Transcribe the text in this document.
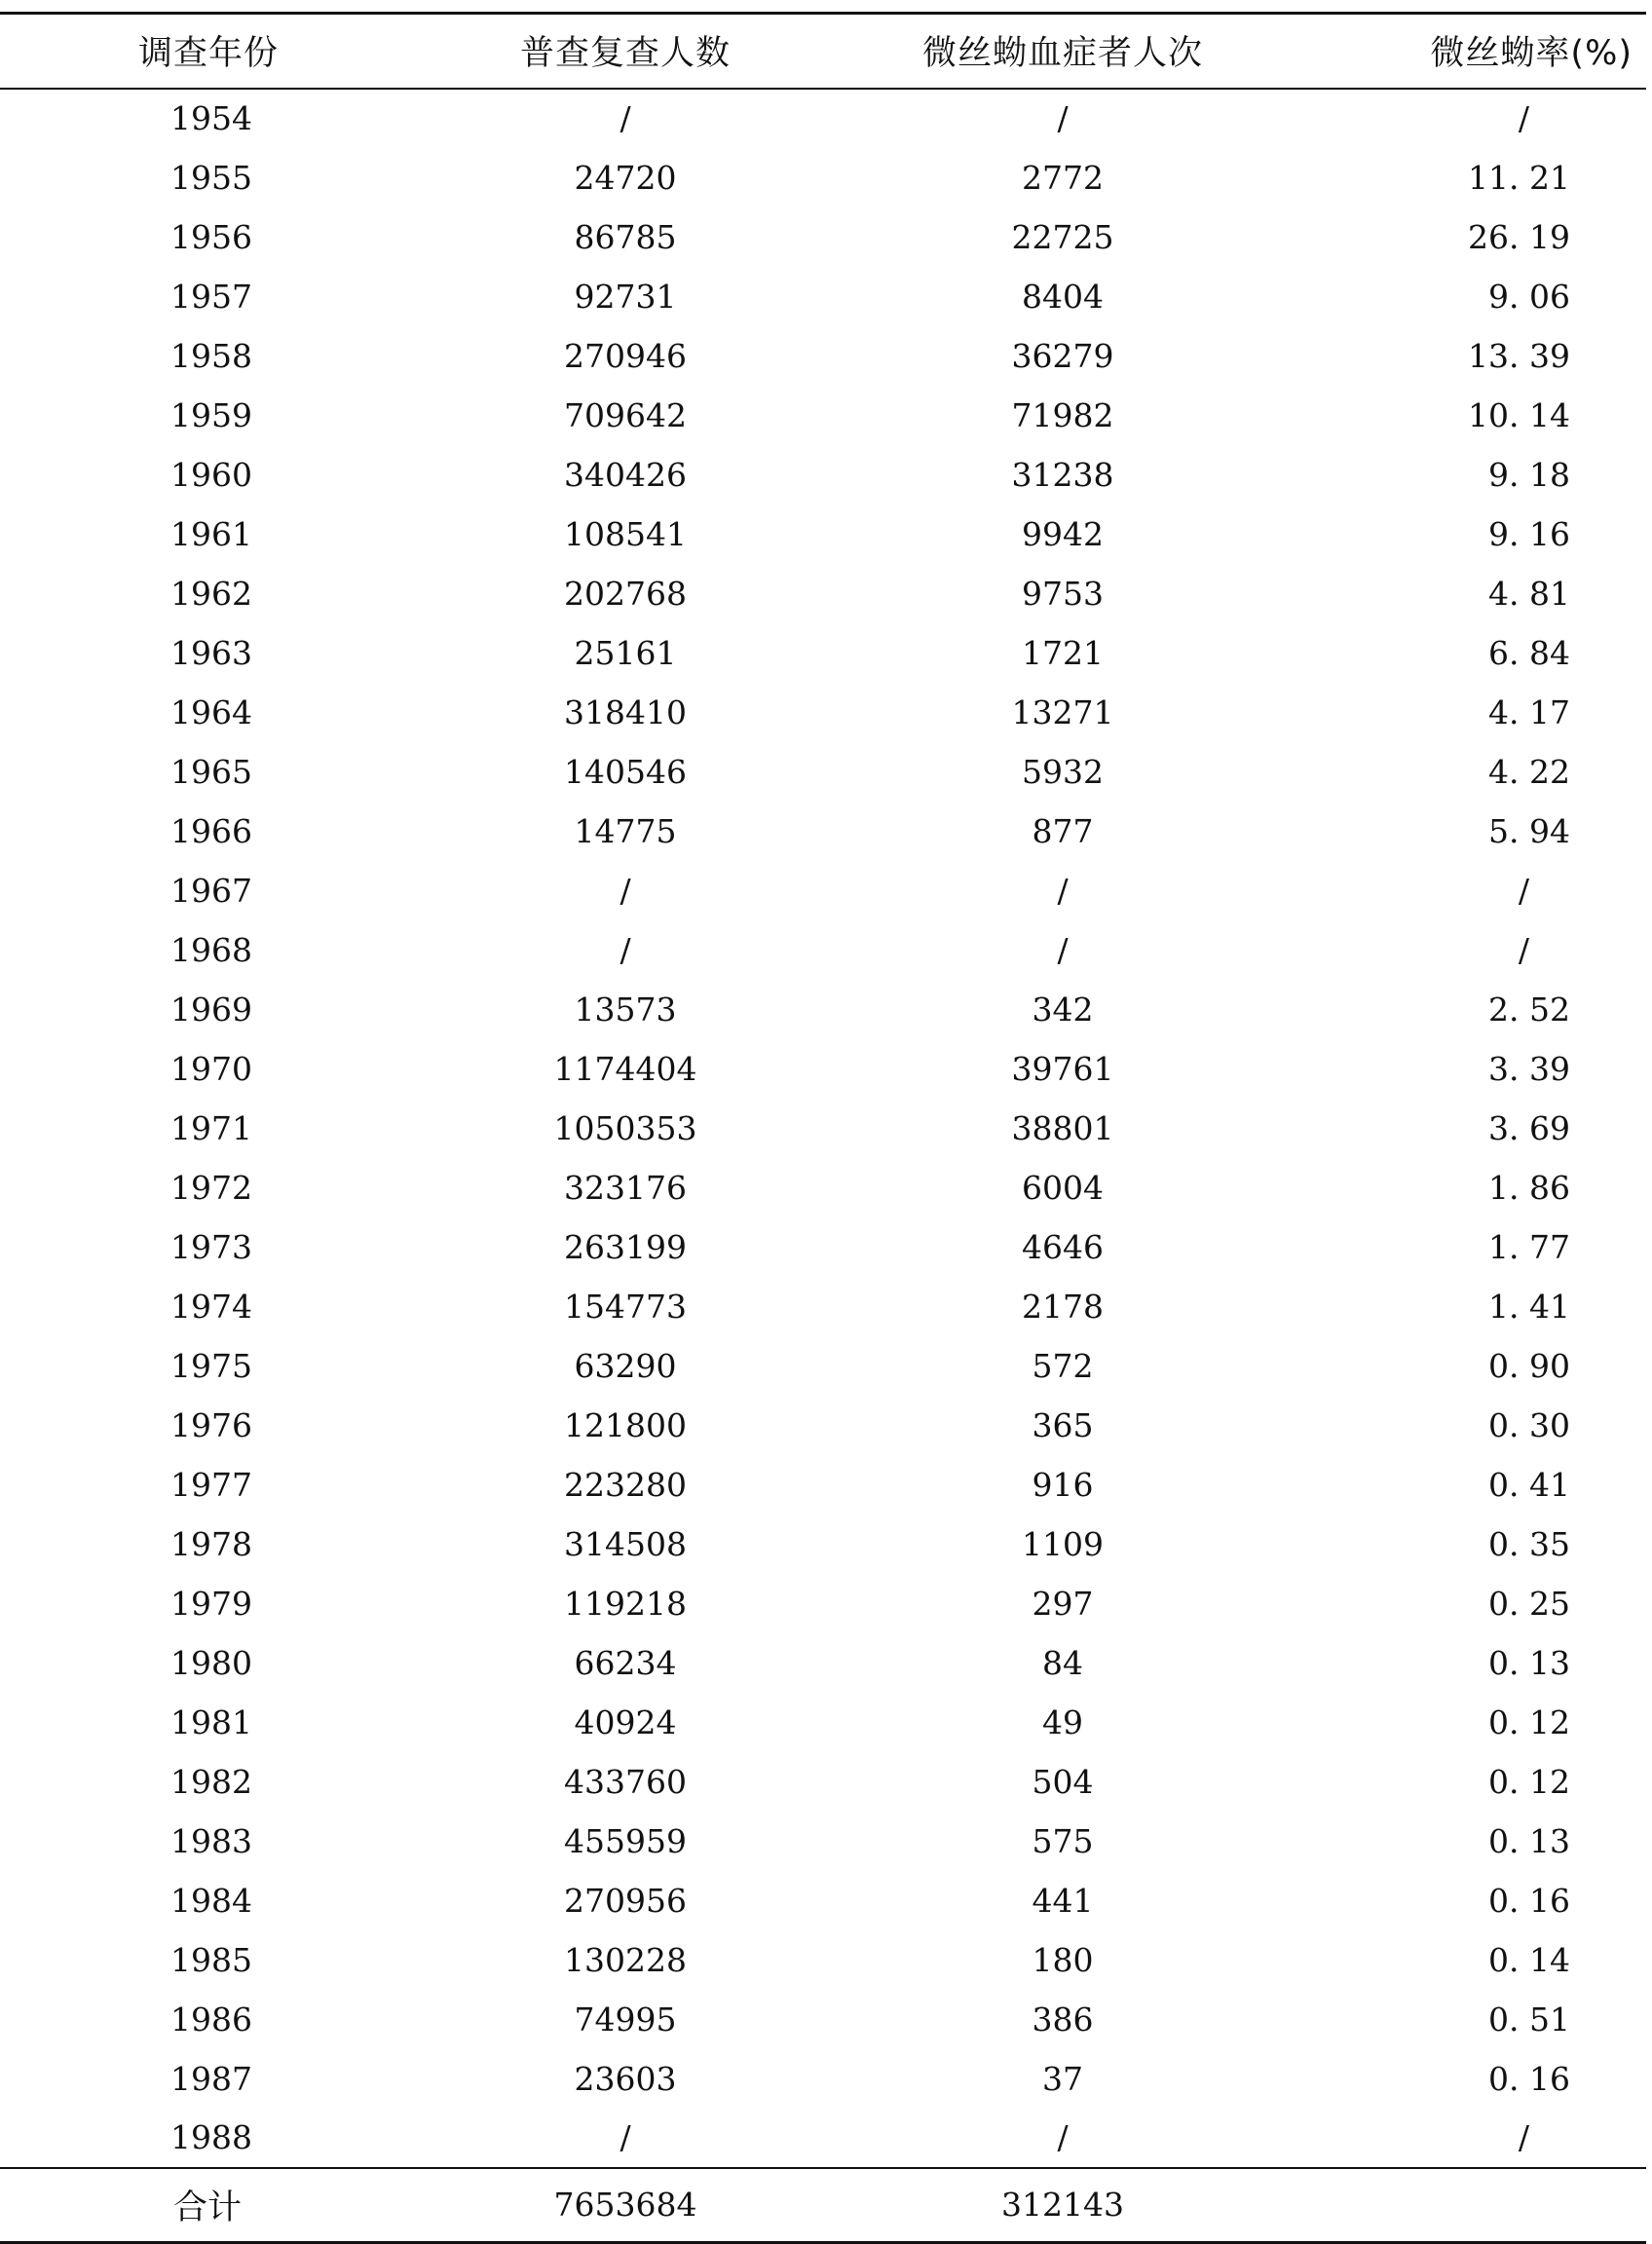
调查年份	普查复查人数	微丝蚴血症者人次	微丝蚴率(%)
1954	/	/	/
1955	24720	2772	11. 21
1956	86785	22725	26. 19
1957	92731	8404	9. 06
1958	270946	36279	13. 39
1959	709642	71982	10. 14
1960	340426	31238	9. 18
1961	108541	9942	9. 16
1962	202768	9753	4. 81
1963	25161	1721	6. 84
1964	318410	13271	4. 17
1965	140546	5932	4. 22
1966	14775	877	5. 94
1967	/	/	/
1968	/	/	/
1969	13573	342	2. 52
1970	1174404	39761	3. 39
1971	1050353	38801	3. 69
1972	323176	6004	1. 86
1973	263199	4646	1. 77
1974	154773	2178	1. 41
1975	63290	572	0. 90
1976	121800	365	0. 30
1977	223280	916	0. 41
1978	314508	1109	0. 35
1979	119218	297	0. 25
1980	66234	84	0. 13
1981	40924	49	0. 12
1982	433760	504	0. 12
1983	455959	575	0. 13
1984	270956	441	0. 16
1985	130228	180	0. 14
1986	74995	386	0. 51
1987	23603	37	0. 16
1988	/	/	/
合计	7653684	312143	
